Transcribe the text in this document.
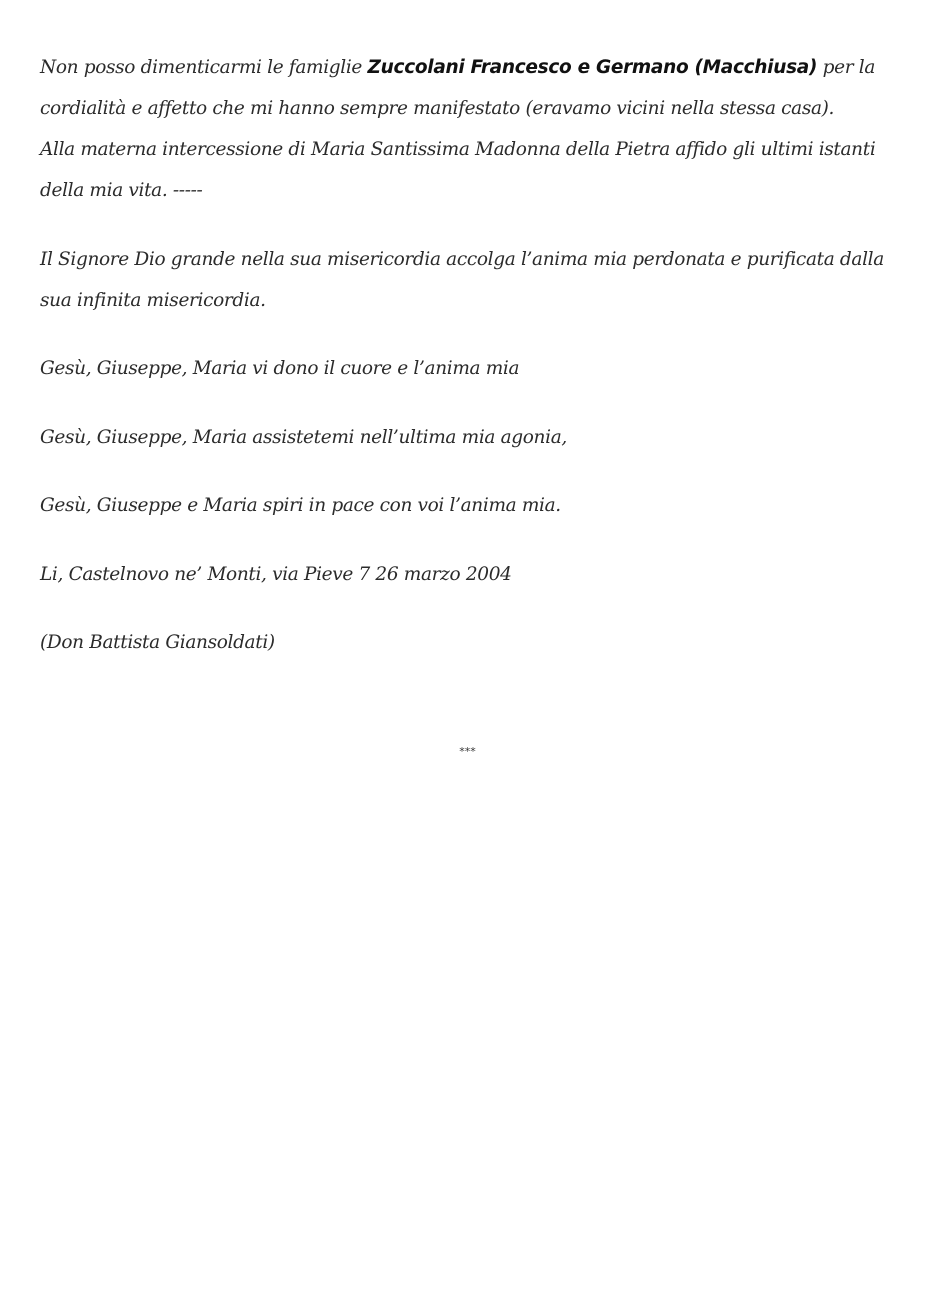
Non posso dimenticarmi le famiglie Zuccolani Francesco e Germano (Macchiusa) per la cordialità e affetto che mi hanno sempre manifestato (eravamo vicini nella stessa casa).

Alla materna intercessione di Maria Santissima Madonna della Pietra affido gli ultimi istanti della mia vita. -----

Il Signore Dio grande nella sua misericordia accolga l’anima mia perdonata e purificata dalla sua infinita misericordia.

Gesù, Giuseppe, Maria vi dono il cuore e l’anima mia

Gesù, Giuseppe, Maria assistetemi nell’ultima mia agonia,

Gesù, Giuseppe e Maria spiri in pace con voi l’anima mia.

Li, Castelnovo ne’ Monti, via Pieve 7 26 marzo 2004

(Don Battista Giansoldati)

***
